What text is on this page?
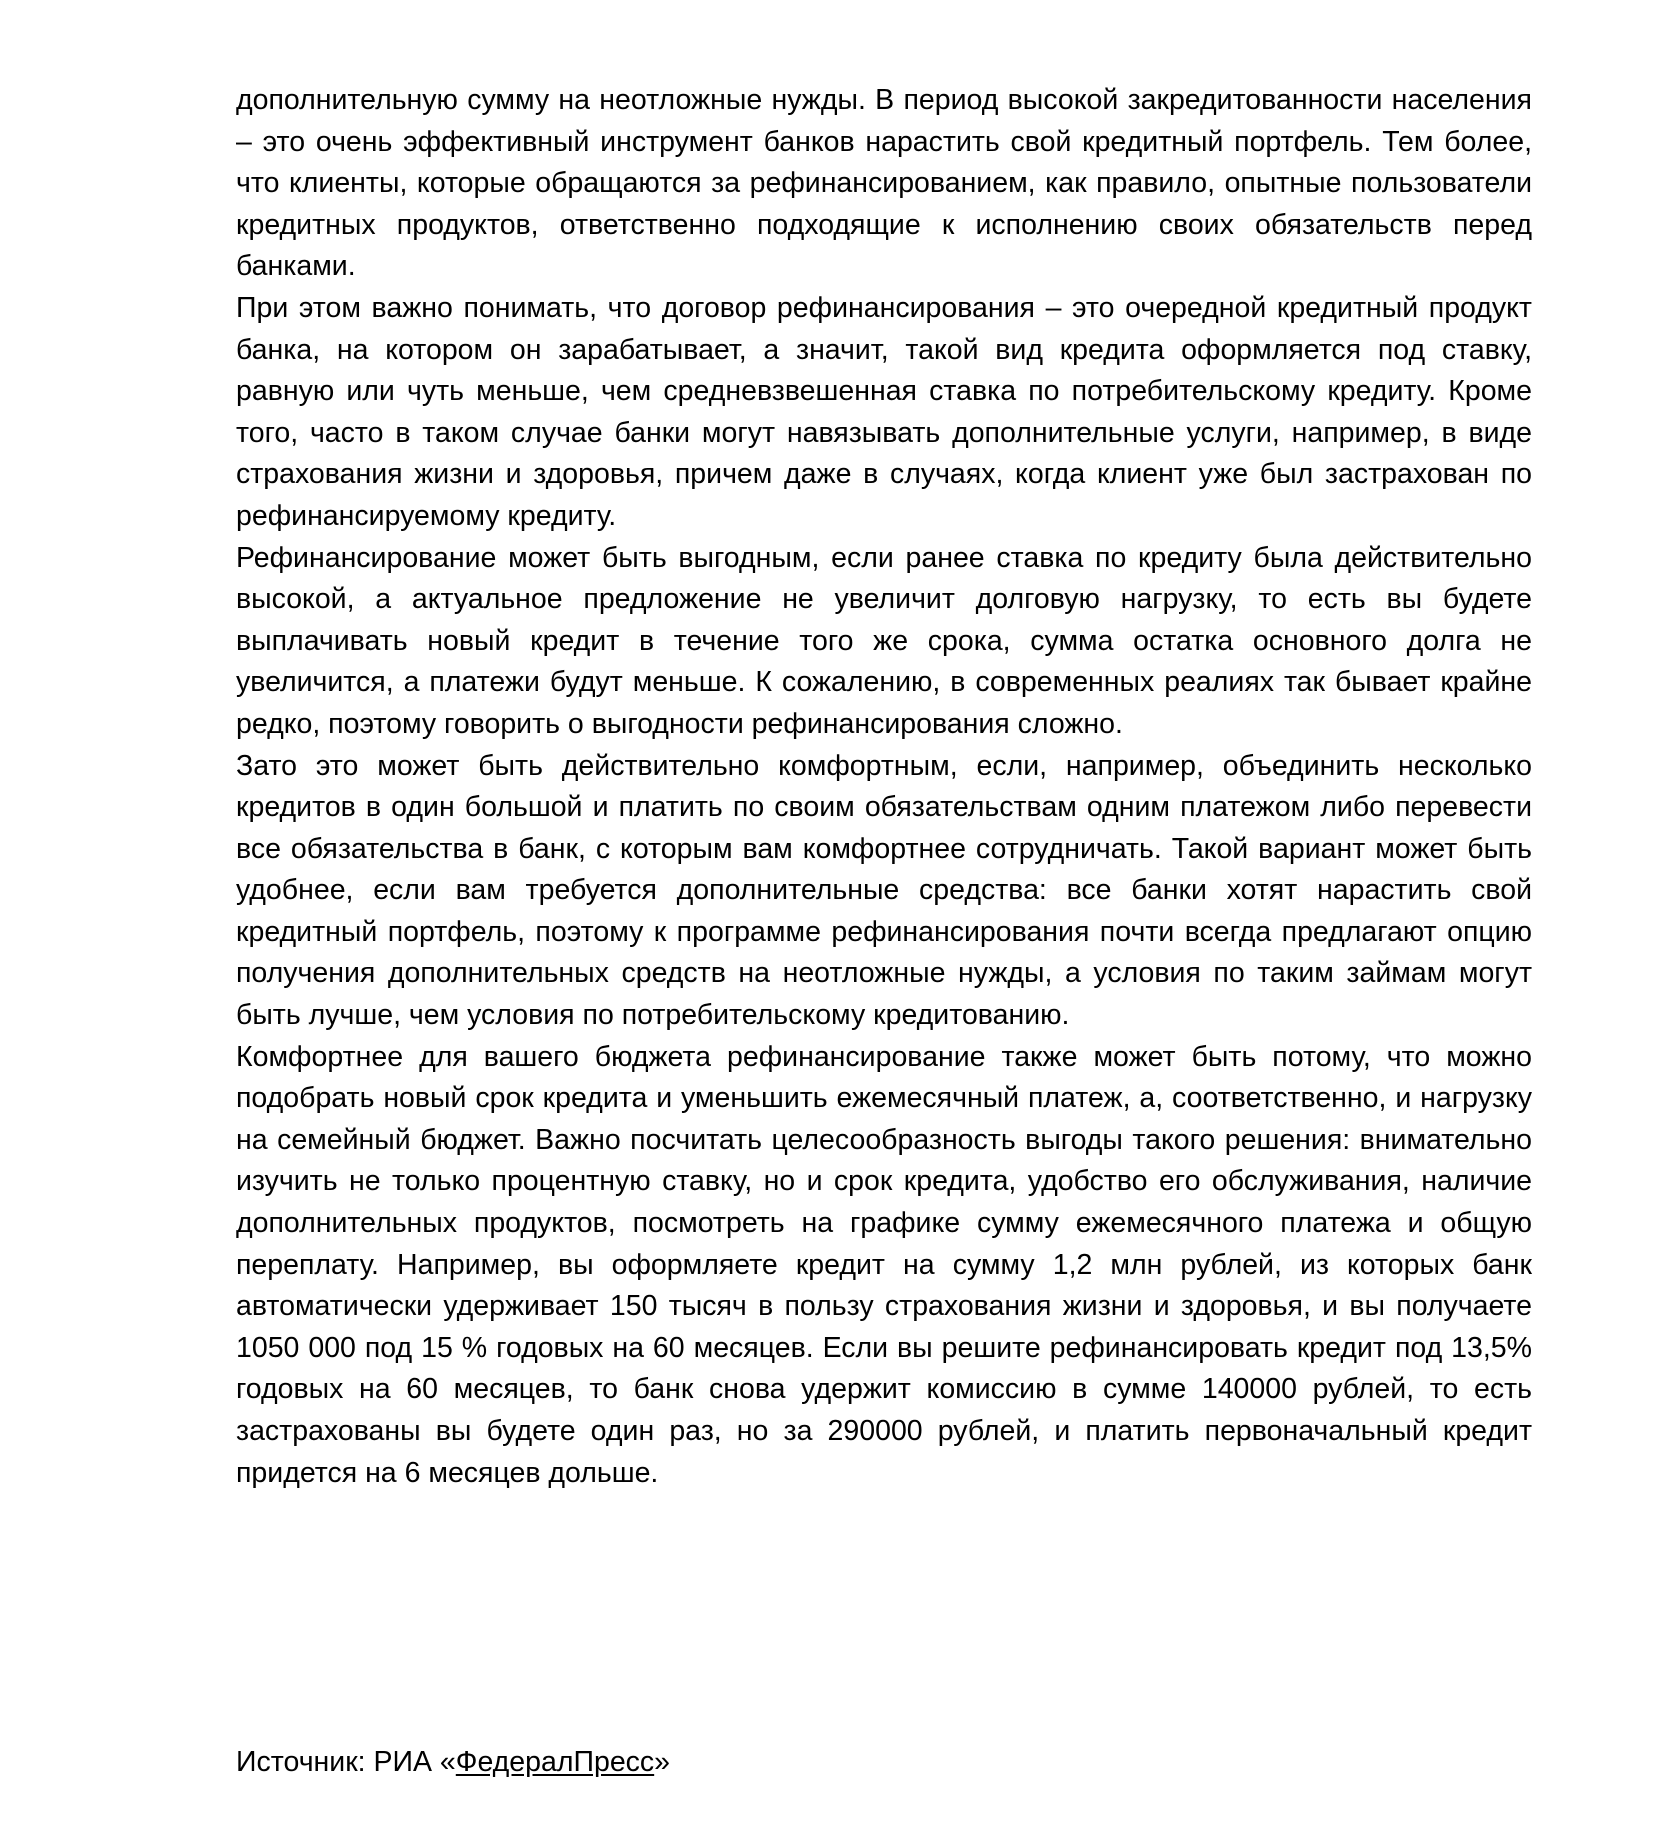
дополнительную сумму на неотложные нужды. В период высокой закредитованности населения – это очень эффективный инструмент банков нарастить свой кредитный портфель. Тем более, что клиенты, которые обращаются за рефинансированием, как правило, опытные пользователи кредитных продуктов, ответственно подходящие к исполнению своих обязательств перед банками.

При этом важно понимать, что договор рефинансирования – это очередной кредитный продукт банка, на котором он зарабатывает, а значит, такой вид кредита оформляется под ставку, равную или чуть меньше, чем средневзвешенная ставка по потребительскому кредиту. Кроме того, часто в таком случае банки могут навязывать дополнительные услуги, например, в виде страхования жизни и здоровья, причем даже в случаях, когда клиент уже был застрахован по рефинансируемому кредиту.

Рефинансирование может быть выгодным, если ранее ставка по кредиту была действительно высокой, а актуальное предложение не увеличит долговую нагрузку, то есть вы будете выплачивать новый кредит в течение того же срока, сумма остатка основного долга не увеличится, а платежи будут меньше. К сожалению, в современных реалиях так бывает крайне редко, поэтому говорить о выгодности рефинансирования сложно.

Зато это может быть действительно комфортным, если, например, объединить несколько кредитов в один большой и платить по своим обязательствам одним платежом либо перевести все обязательства в банк, с которым вам комфортнее сотрудничать. Такой вариант может быть удобнее, если вам требуется дополнительные средства: все банки хотят нарастить свой кредитный портфель, поэтому к программе рефинансирования почти всегда предлагают опцию получения дополнительных средств на неотложные нужды, а условия по таким займам могут быть лучше, чем условия по потребительскому кредитованию.

Комфортнее для вашего бюджета рефинансирование также может быть потому, что можно подобрать новый срок кредита и уменьшить ежемесячный платеж, а, соответственно, и нагрузку на семейный бюджет. Важно посчитать целесообразность выгоды такого решения: внимательно изучить не только процентную ставку, но и срок кредита, удобство его обслуживания, наличие дополнительных продуктов, посмотреть на графике сумму ежемесячного платежа и общую переплату. Например, вы оформляете кредит на сумму 1,2 млн рублей, из которых банк автоматически удерживает 150 тысяч в пользу страхования жизни и здоровья, и вы получаете 1050 000 под 15 % годовых на 60 месяцев. Если вы решите рефинансировать кредит под 13,5% годовых на 60 месяцев, то банк снова удержит комиссию в сумме 140000 рублей, то есть застрахованы вы будете один раз, но за 290000 рублей, и платить первоначальный кредит придется на 6 месяцев дольше.

Источник: РИА «ФедералПресс»
